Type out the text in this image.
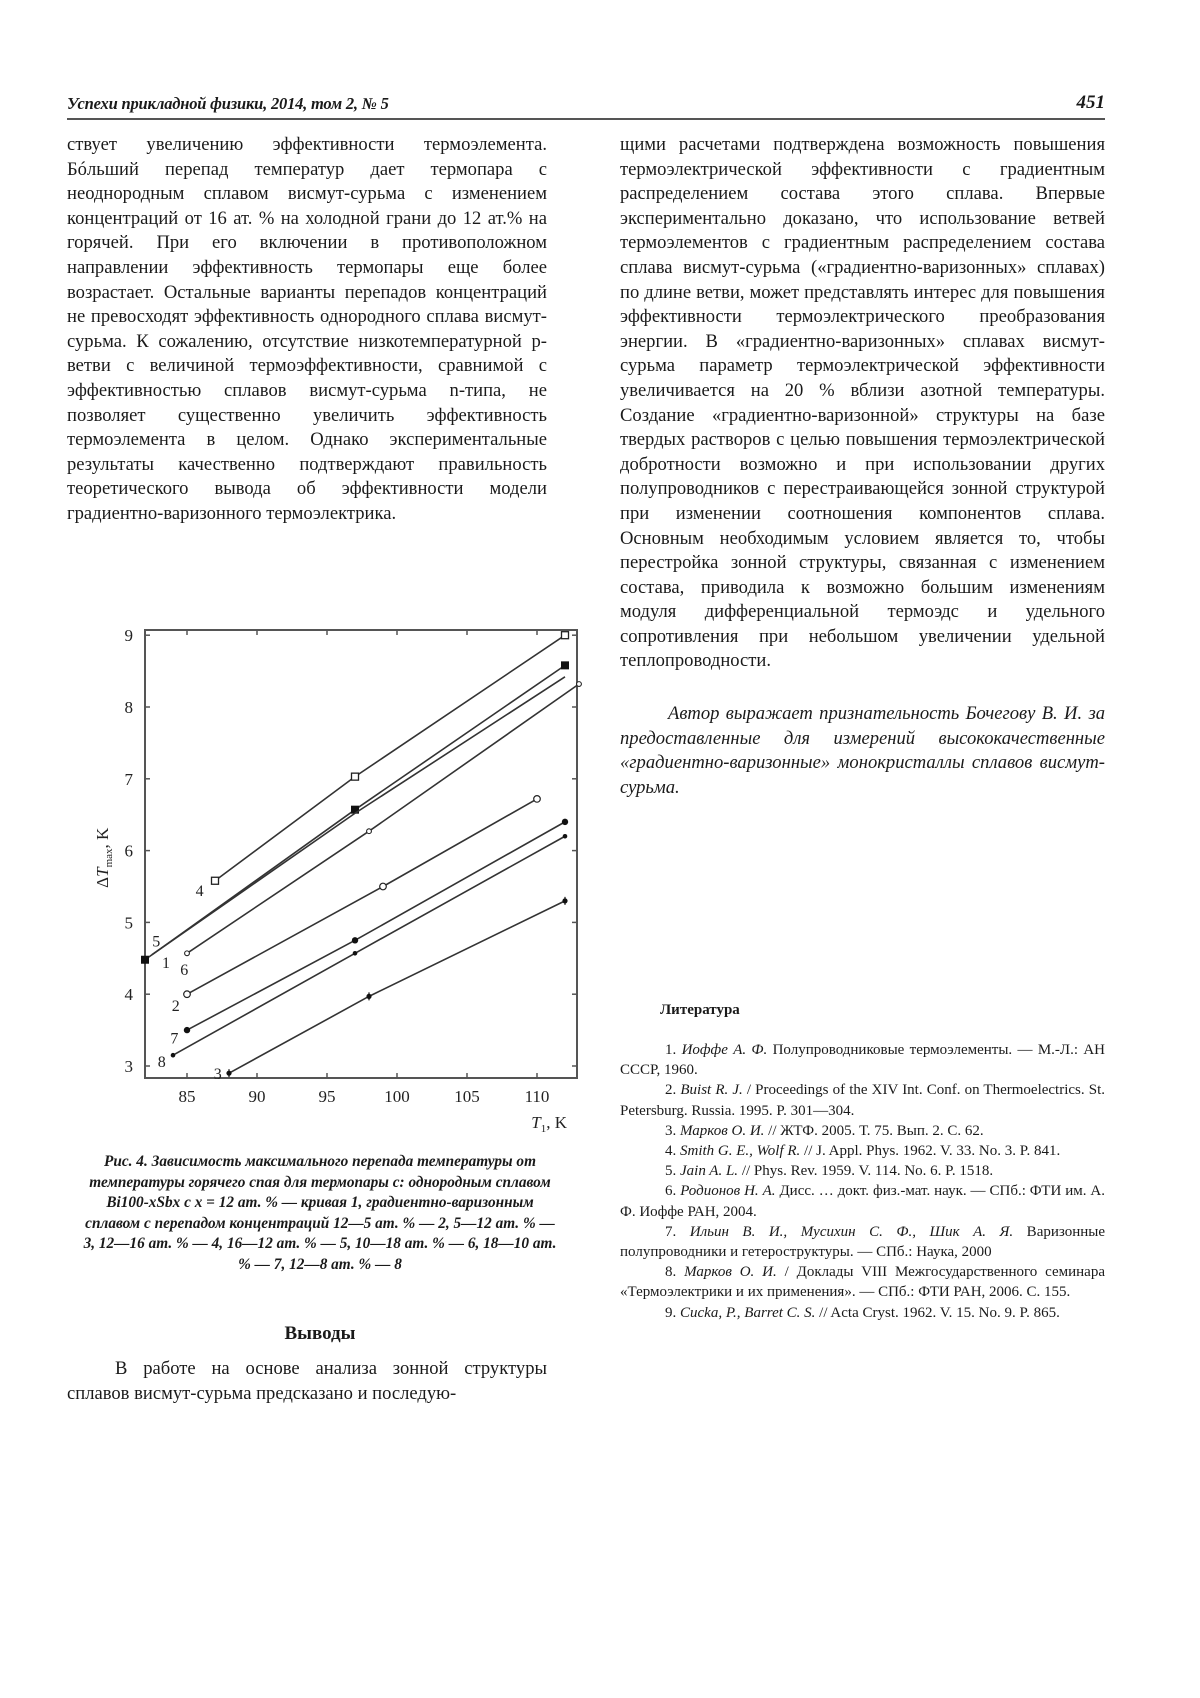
Успехи прикладной физики, 2014, том 2, № 5	451

ствует увеличению эффективности термоэлемента. Бóльший перепад температур дает термопара с неоднородным сплавом висмут-сурьма с изменением концентраций от 16 ат. % на холодной грани до 12 ат.% на горячей. При его включении в противоположном направлении эффективность термопары еще более возрастает. Остальные варианты перепадов концентраций не превосходят эффективность однородного сплава висмут-сурьма. К сожалению, отсутствие низкотемпературной p-ветви с величиной термоэффективности, сравнимой с эффективностью сплавов висмут-сурьма n-типа, не позволяет существенно увеличить эффективность термоэлемента в целом. Однако экспериментальные результаты качественно подтверждают правильность теоретического вывода об эффективности модели градиентно-варизонного термоэлектрика.

3
4
5
6
7
8
9
85	90	95	100	105	110
$T_1$, K
$\Delta T_{max}$, K
1
2
3
4
5
6
7
8
Рис. 4. Зависимость максимального перепада температуры от температуры горячего спая для термопары с: однородным сплавом Bi100-xSbx с x = 12 ат. % — кривая 1, градиентно-варизонным сплавом с перепадом концентраций 12—5 ат. % — 2, 5—12 ат. % — 3, 12—16 ат. % — 4, 16—12 ат. % — 5, 10—18 ат. % — 6, 18—10 ат. % — 7, 12—8 ат. % — 8
Выводы

В работе на основе анализа зонной структуры сплавов висмут-сурьма предсказано и последую-

щими расчетами подтверждена возможность повышения термоэлектрической эффективности с градиентным распределением состава этого сплава. Впервые экспериментально доказано, что использование ветвей термоэлементов с градиентным распределением состава сплава висмут-сурьма («градиентно-варизонных» сплавах) по длине ветви, может представлять интерес для повышения эффективности термоэлектрического преобразования энергии. В «градиентно-варизонных» сплавах висмут-сурьма параметр термоэлектрической эффективности увеличивается на 20 % вблизи азотной температуры. Создание «градиентно-варизонной» структуры на базе твердых растворов с целью повышения термоэлектрической добротности возможно и при использовании других полупроводников с перестраивающейся зонной структурой при изменении соотношения компонентов сплава. Основным необходимым условием является то, чтобы перестройка зонной структуры, связанная с изменением состава, приводила к возможно большим изменениям модуля дифференциальной термоэдс и удельного сопротивления при небольшом увеличении удельной теплопроводности.

Автор выражает признательность Бочегову В. И. за предоставленные для измерений высококачественные «градиентно-варизонные» монокристаллы сплавов висмут-сурьма.

Литература

1. Иоффе А. Ф. Полупроводниковые термоэлементы. — М.-Л.: АН СССР, 1960.

2. Buist R. J. / Proceedings of the XIV Int. Conf. on Thermoelectrics. St. Petersburg. Russia. 1995. P. 301—304.

3. Марков О. И. // ЖТФ. 2005. Т. 75. Вып. 2. С. 62.

4. Smith G. E., Wolf R. // J. Appl. Phys. 1962. V. 33. No. 3. P. 841.

5. Jain A. L. // Phys. Rev. 1959. V. 114. No. 6. P. 1518.

6. Родионов Н. А. Дисс. … докт. физ.-мат. наук. — СПб.: ФТИ им. А. Ф. Иоффе РАН, 2004.

7. Ильин В. И., Мусихин С. Ф., Шик А. Я. Варизонные полупроводники и гетероструктуры. — СПб.: Наука, 2000

8. Марков О. И. / Доклады VIII Межгосударственного семинара «Термоэлектрики и их применения». — СПб.: ФТИ РАН, 2006. С. 155.

9. Cucka, P., Barret C. S. // Acta Cryst. 1962. V. 15. No. 9. P. 865.
